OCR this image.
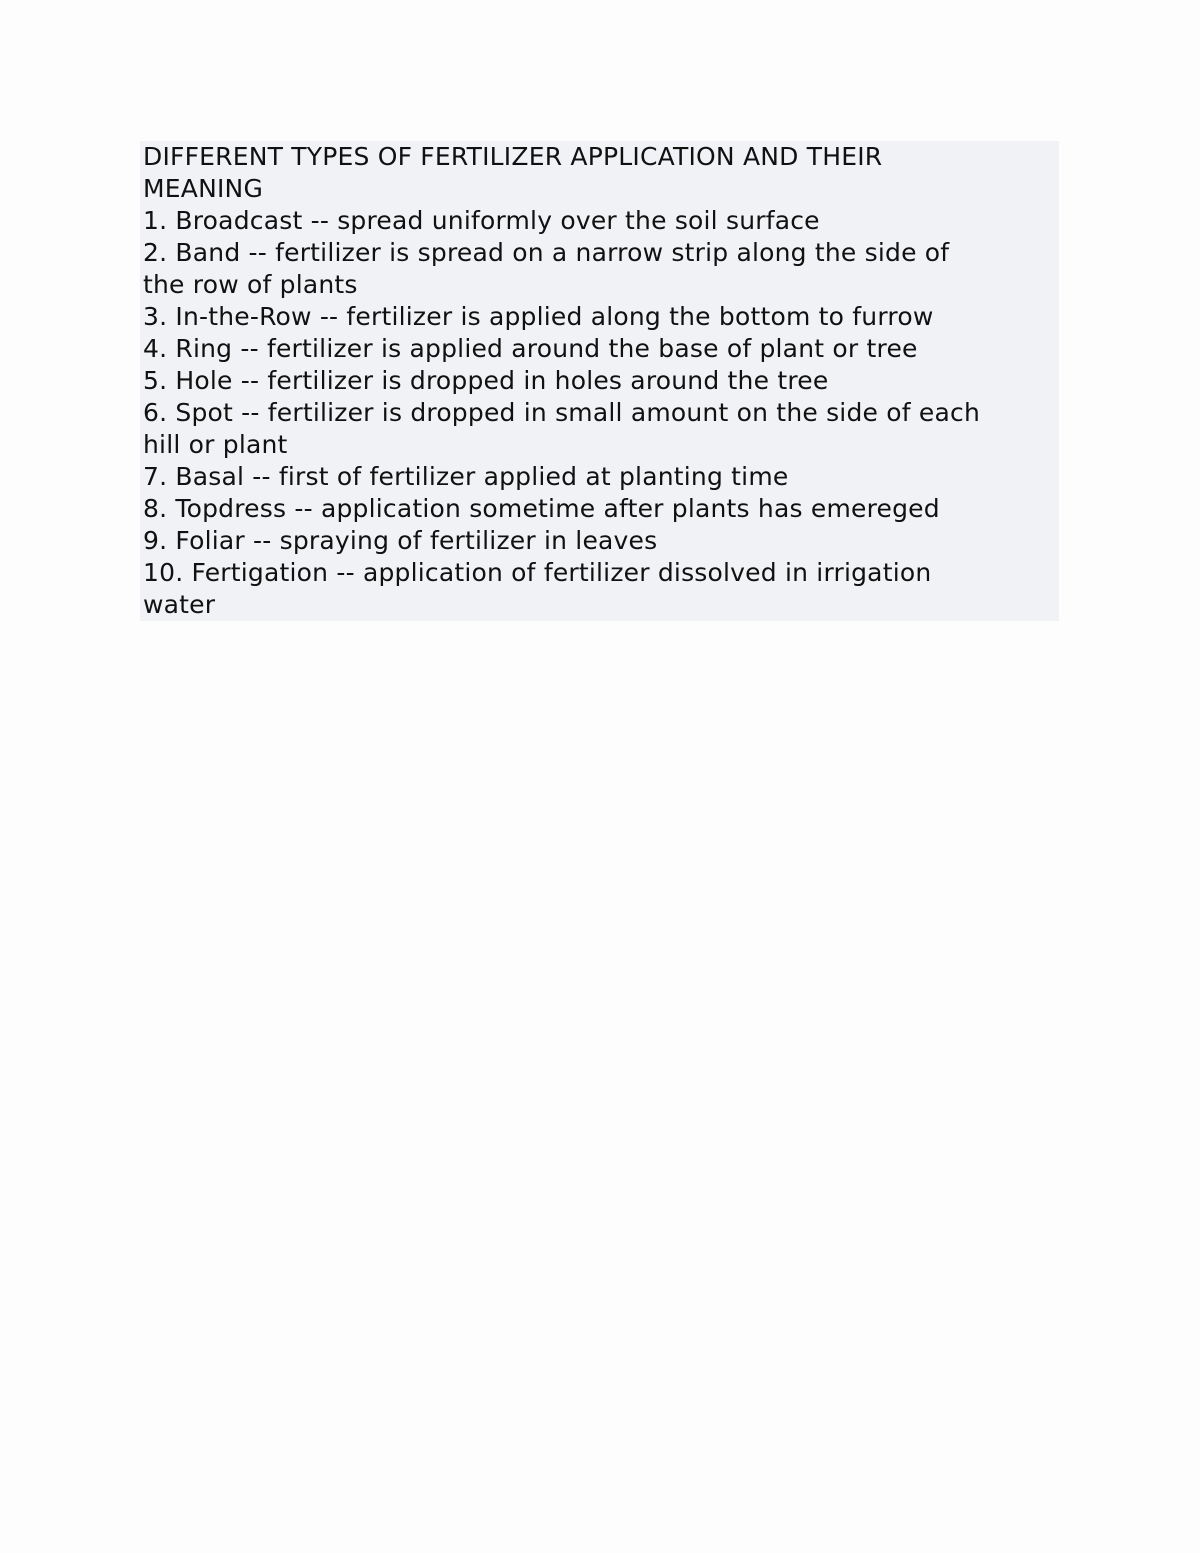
DIFFERENT TYPES OF FERTILIZER APPLICATION AND THEIR
MEANING
1. Broadcast -- spread uniformly over the soil surface
2. Band -- fertilizer is spread on a narrow strip along the side of
the row of plants
3. In-the-Row -- fertilizer is applied along the bottom to furrow
4. Ring -- fertilizer is applied around the base of plant or tree
5. Hole -- fertilizer is dropped in holes around the tree
6. Spot -- fertilizer is dropped in small amount on the side of each
hill or plant
7. Basal -- first of fertilizer applied at planting time
8. Topdress -- application sometime after plants has emereged
9. Foliar -- spraying of fertilizer in leaves
10. Fertigation -- application of fertilizer dissolved in irrigation
water
